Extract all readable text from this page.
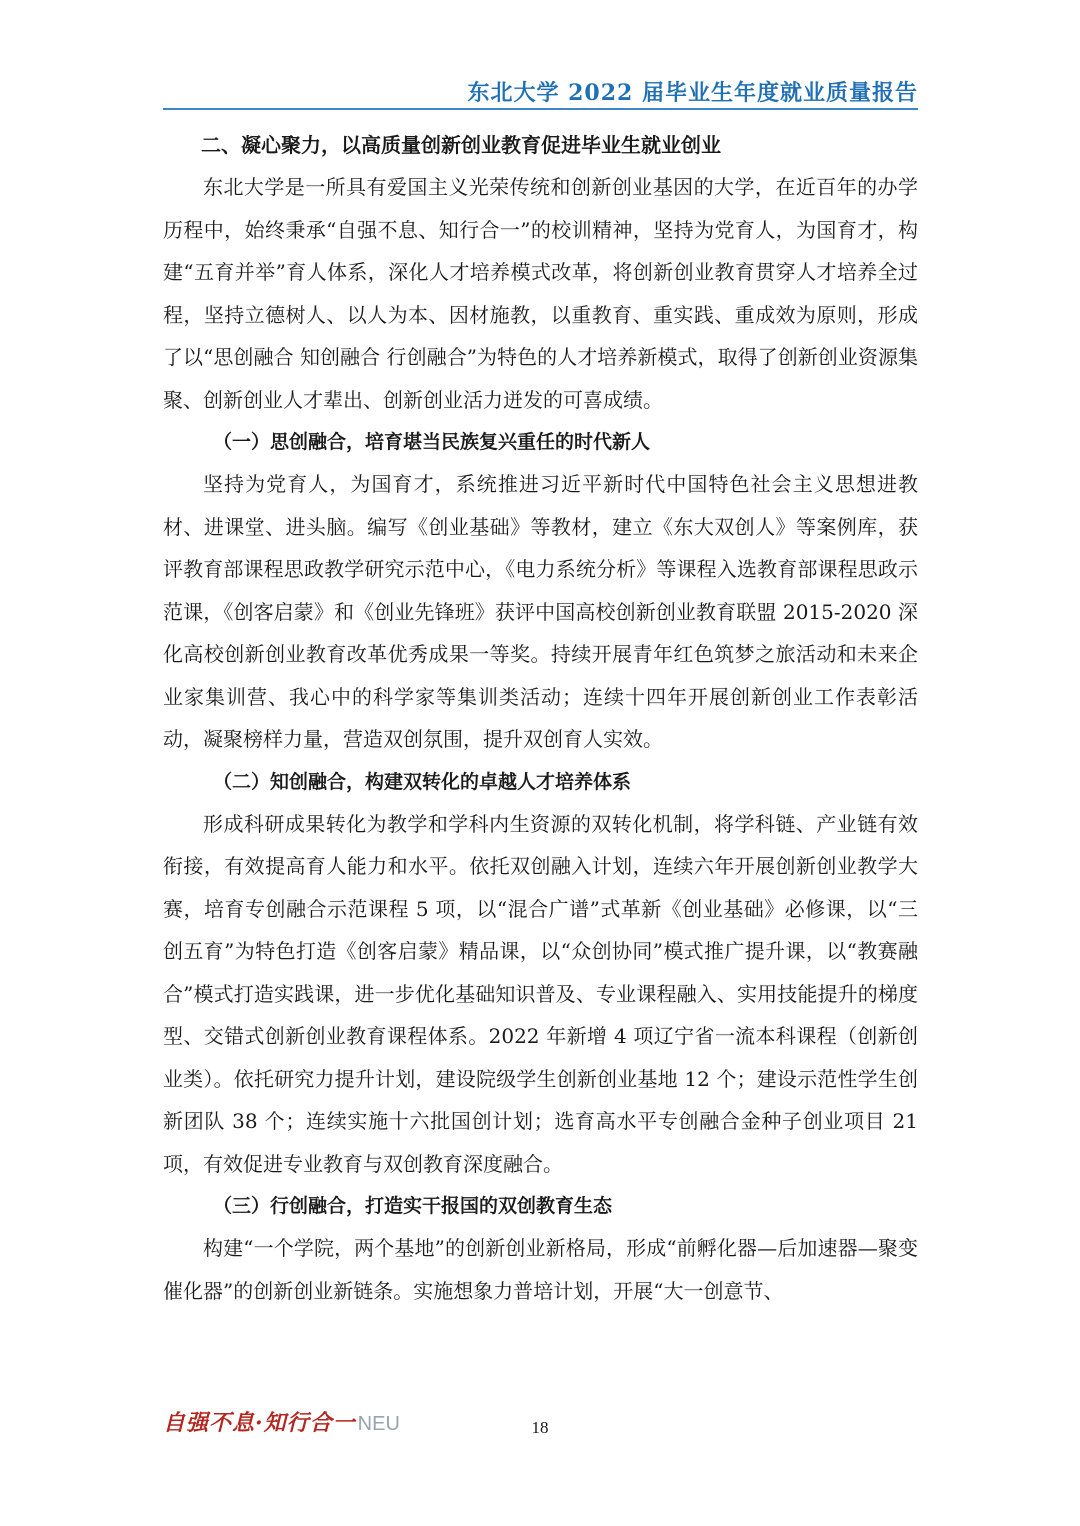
东北大学 2022 届毕业生年度就业质量报告
二、凝心聚力，以高质量创新创业教育促进毕业生就业创业

东北大学是一所具有爱国主义光荣传统和创新创业基因的大学，在近百年的办学历程中，始终秉承“自强不息、知行合一”的校训精神，坚持为党育人，为国育才，构建“五育并举”育人体系，深化人才培养模式改革，将创新创业教育贯穿人才培养全过程，坚持立德树人、以人为本、因材施教，以重教育、重实践、重成效为原则，形成了以“思创融合 知创融合 行创融合”为特色的人才培养新模式，取得了创新创业资源集聚、创新创业人才辈出、创新创业活力迸发的可喜成绩。

（一）思创融合，培育堪当民族复兴重任的时代新人

坚持为党育人，为国育才，系统推进习近平新时代中国特色社会主义思想进教材、进课堂、进头脑。编写《创业基础》等教材，建立《东大双创人》等案例库，获评教育部课程思政教学研究示范中心，《电力系统分析》等课程入选教育部课程思政示范课，《创客启蒙》和《创业先锋班》获评中国高校创新创业教育联盟 2015-2020 深化高校创新创业教育改革优秀成果一等奖。持续开展青年红色筑梦之旅活动和未来企业家集训营、我心中的科学家等集训类活动；连续十四年开展创新创业工作表彰活动，凝聚榜样力量，营造双创氛围，提升双创育人实效。

（二）知创融合，构建双转化的卓越人才培养体系

形成科研成果转化为教学和学科内生资源的双转化机制，将学科链、产业链有效衔接，有效提高育人能力和水平。依托双创融入计划，连续六年开展创新创业教学大赛，培育专创融合示范课程 5 项，以“混合广谱”式革新《创业基础》必修课，以“三创五育”为特色打造《创客启蒙》精品课，以“众创协同”模式推广提升课，以“教赛融合”模式打造实践课，进一步优化基础知识普及、专业课程融入、实用技能提升的梯度型、交错式创新创业教育课程体系。2022 年新增 4 项辽宁省一流本科课程（创新创业类）。依托研究力提升计划，建设院级学生创新创业基地 12 个；建设示范性学生创新团队 38 个；连续实施十六批国创计划；选育高水平专创融合金种子创业项目 21 项，有效促进专业教育与双创教育深度融合。

（三）行创融合，打造实干报国的双创教育生态

构建“一个学院，两个基地”的创新创业新格局，形成“前孵化器—后加速器—聚变催化器”的创新创业新链条。实施想象力普培计划，开展“大一创意节、

自强不息·知行合一 NEU	18
